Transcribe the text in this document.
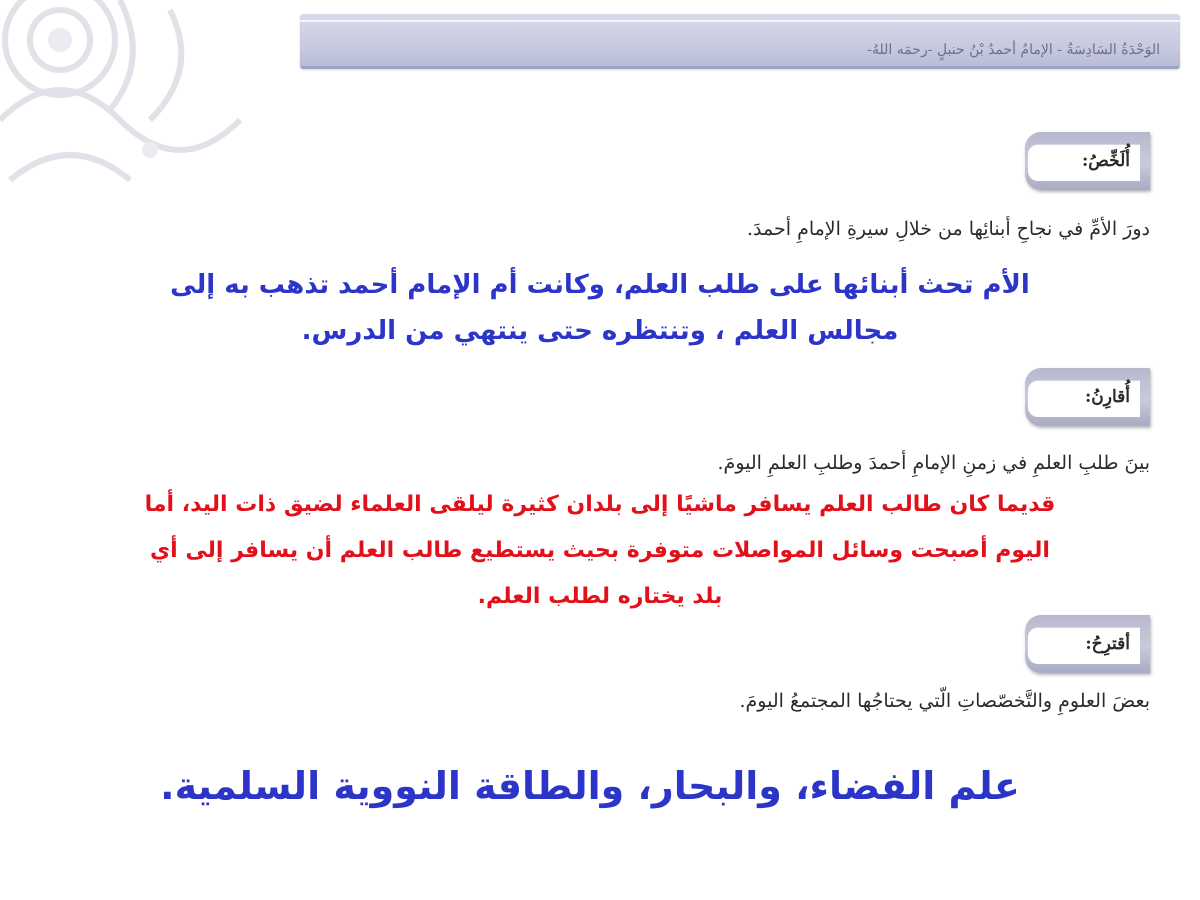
الوَحْدَةُ السَادِسَةُ - الإمامُ أحمدُ بْنُ حنبلٍ -رحمَه اللهُ-
أُلَخِّصُ:
دورَ الأمِّ في نجاحِ أبنائِها من خلالِ سيرةِ الإمامِ أحمدَ.
الأم تحث أبنائها على طلب العلم، وكانت أم الإمام أحمد تذهب به إلى
مجالس العلم ، وتنتظره حتى ينتهي من الدرس.
أُقارِنُ:
بينَ طلبِ العلمِ في زمنِ الإمامِ أحمدَ وطلبِ العلمِ اليومَ.
قديما كان طالب العلم يسافر ماشيًا إلى بلدان كثيرة ليلقى العلماء لضيق ذات اليد، أما
اليوم أصبحت وسائل المواصلات متوفرة بحيث يستطيع طالب العلم أن يسافر إلى أي
بلد يختاره لطلب العلم.
أقترِحُ:
بعضَ العلومِ والتَّخصّصاتِ الّتي يحتاجُها المجتمعُ اليومَ.
علم الفضاء، والبحار، والطاقة النووية السلمية.
